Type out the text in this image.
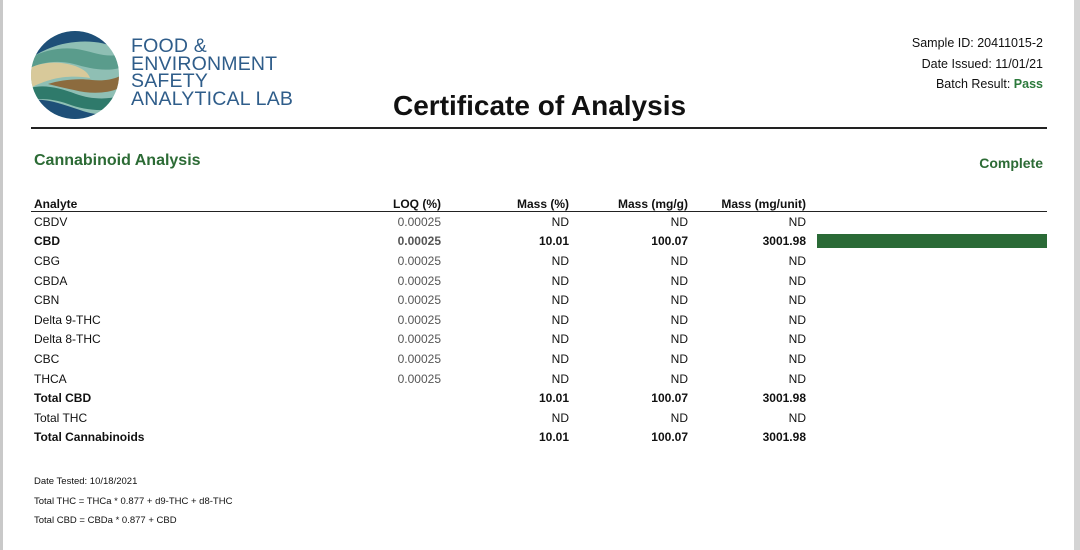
FOOD &
ENVIRONMENT
SAFETY
ANALYTICAL LAB	Certificate of Analysis
Sample ID: 20411015-2
Date Issued: 11/01/21
Batch Result: Pass
Cannabinoid Analysis	Complete
Analyte	LOQ (%)	Mass (%)	Mass (mg/g)	Mass (mg/unit)	
CBDV	0.00025	ND	ND	ND	
CBD	0.00025	10.01	100.07	3001.98	

CBG	0.00025	ND	ND	ND	
CBDA	0.00025	ND	ND	ND	
CBN	0.00025	ND	ND	ND	
Delta 9-THC	0.00025	ND	ND	ND	
Delta 8-THC	0.00025	ND	ND	ND	
CBC	0.00025	ND	ND	ND	
THCA	0.00025	ND	ND	ND	
Total CBD		10.01	100.07	3001.98	
Total THC		ND	ND	ND	
Total Cannabinoids		10.01	100.07	3001.98	
Date Tested: 10/18/2021
Total THC = THCa * 0.877 + d9-THC + d8-THC
Total CBD = CBDa * 0.877 + CBD
